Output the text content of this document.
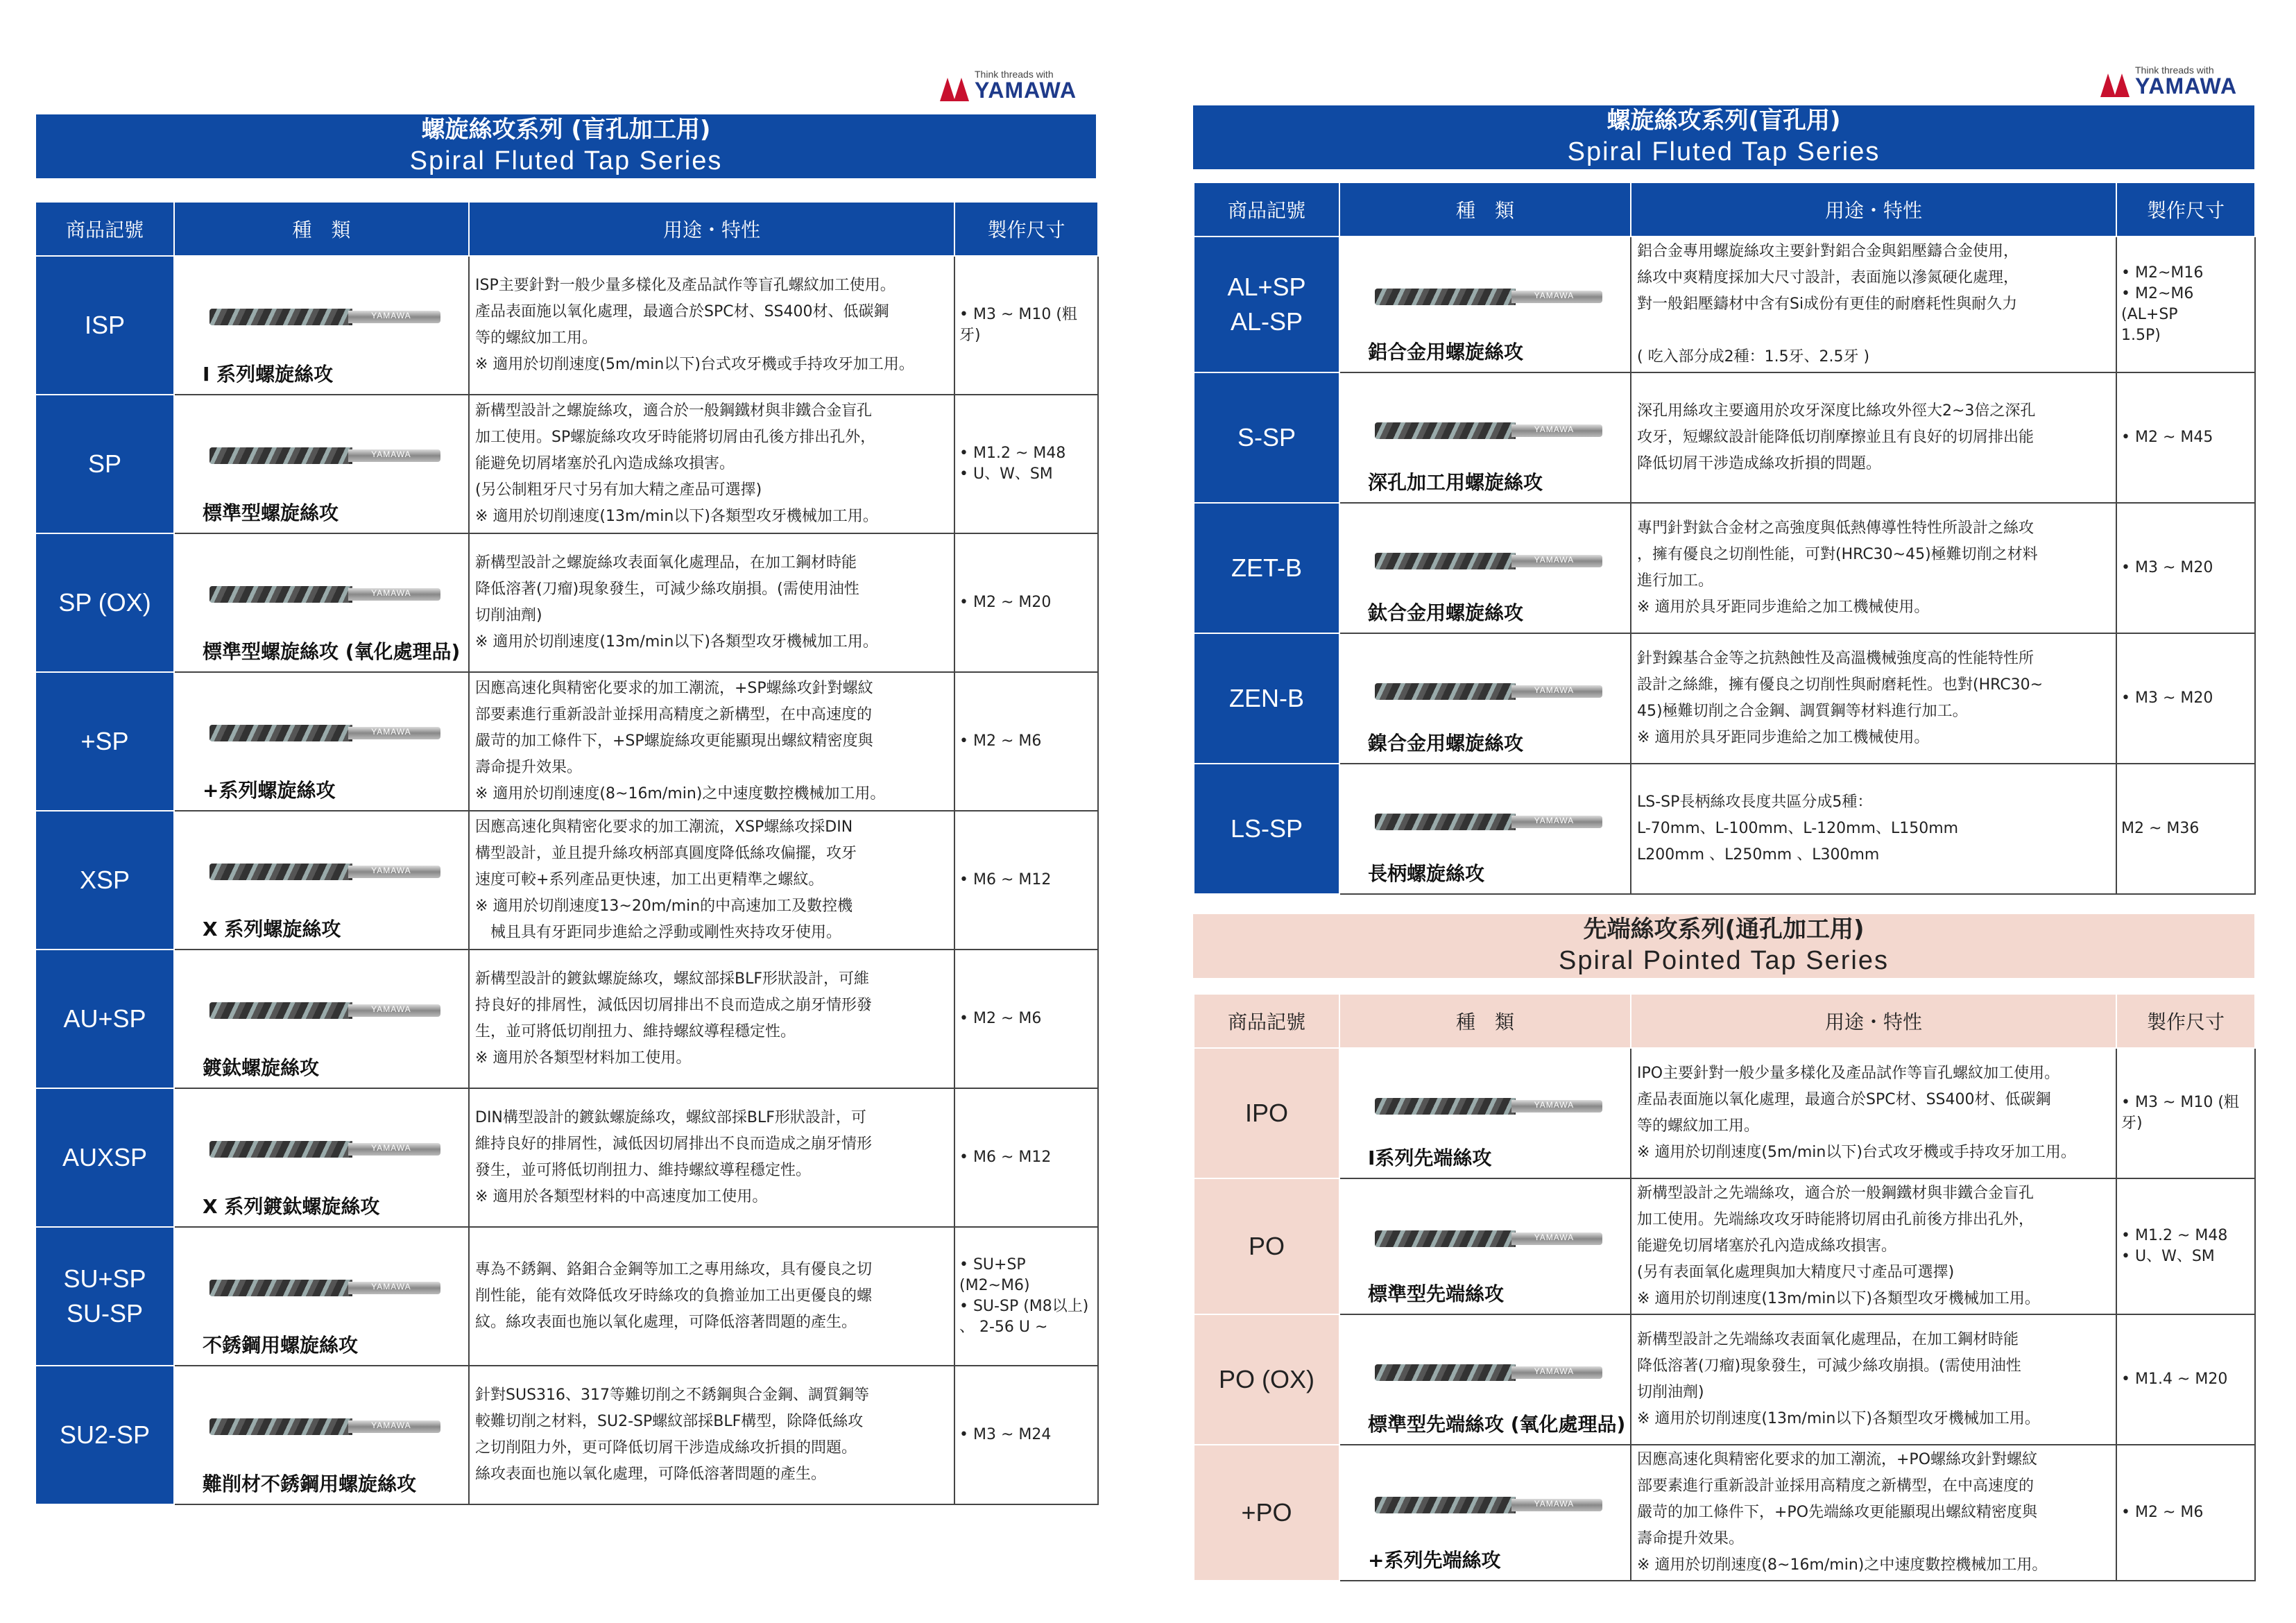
Think threads with
YAMAWA
螺旋絲攻系列 (盲孔加工用)
Spiral Fluted Tap Series
商品記號	種　類	用途・特性	製作尺寸
ISP	YAMAWA
I 系列螺旋絲攻	ISP主要針對一般少量多樣化及產品試作等盲孔螺紋加工使用。
產品表面施以氧化處理，最適合於SPC材、SS400材、低碳鋼
等的螺紋加工用。
※ 適用於切削速度(5m/min以下)台式攻牙機或手持攻牙加工用。	• M3 ~ M10 (粗牙)
SP	YAMAWA
標準型螺旋絲攻	新構型設計之螺旋絲攻，適合於一般鋼鐵材與非鐵合金盲孔
加工使用。SP螺旋絲攻攻牙時能將切屑由孔後方排出孔外，
能避免切屑堵塞於孔內造成絲攻損害。
(另公制粗牙尺寸另有加大精之產品可選擇)
※ 適用於切削速度(13m/min以下)各類型攻牙機械加工用。	• M1.2 ~ M48
• U、W、SM
SP (OX)	YAMAWA
標準型螺旋絲攻 (氧化處理品)	新構型設計之螺旋絲攻表面氧化處理品，在加工鋼材時能
降低溶著(刀瘤)現象發生，可減少絲攻崩損。(需使用油性
切削油劑)
※ 適用於切削速度(13m/min以下)各類型攻牙機械加工用。	• M2 ~ M20
+SP	YAMAWA
+系列螺旋絲攻	因應高速化與精密化要求的加工潮流，+SP螺絲攻針對螺紋
部要素進行重新設計並採用高精度之新構型，在中高速度的
嚴苛的加工條件下，+SP螺旋絲攻更能顯現出螺紋精密度與
壽命提升效果。
※ 適用於切削速度(8~16m/min)之中速度數控機械加工用。	• M2 ~ M6
XSP	YAMAWA
X 系列螺旋絲攻	因應高速化與精密化要求的加工潮流，XSP螺絲攻採DIN
構型設計，並且提升絲攻柄部真圓度降低絲攻偏擺，攻牙
速度可較+系列產品更快速，加工出更精準之螺紋。
※ 適用於切削速度13~20m/min的中高速加工及數控機
　械且具有牙距同步進給之浮動或剛性夾持攻牙使用。	• M6 ~ M12
AU+SP	YAMAWA
鍍鈦螺旋絲攻	新構型設計的鍍鈦螺旋絲攻，螺紋部採BLF形狀設計，可維
持良好的排屑性，減低因切屑排出不良而造成之崩牙情形發
生，並可將低切削扭力、維持螺紋導程穩定性。
※ 適用於各類型材料加工使用。	• M2 ~ M6
AUXSP	YAMAWA
X 系列鍍鈦螺旋絲攻	DIN構型設計的鍍鈦螺旋絲攻，螺紋部採BLF形狀設計，可
維持良好的排屑性，減低因切屑排出不良而造成之崩牙情形
發生，並可將低切削扭力、維持螺紋導程穩定性。
※ 適用於各類型材料的中高速度加工使用。	• M6 ~ M12
SU+SP
SU-SP	YAMAWA
不銹鋼用螺旋絲攻	專為不銹鋼、鉻鉬合金鋼等加工之專用絲攻，具有優良之切
削性能，能有效降低攻牙時絲攻的負擔並加工出更優良的螺
紋。絲攻表面也施以氧化處理，可降低溶著問題的產生。	• SU+SP (M2~M6)
• SU-SP (M8以上)
、 2-56 U ~
SU2-SP	YAMAWA
難削材不銹鋼用螺旋絲攻	針對SUS316、317等難切削之不銹鋼與合金鋼、調質鋼等
較難切削之材料，SU2-SP螺紋部採BLF構型，除降低絲攻
之切削阻力外，更可降低切屑干涉造成絲攻折損的問題。
絲攻表面也施以氧化處理，可降低溶著問題的產生。	• M3 ~ M24
Think threads with
YAMAWA
螺旋絲攻系列(盲孔用)
Spiral Fluted Tap Series
商品記號	種　類	用途・特性	製作尺寸
AL+SP
AL-SP	YAMAWA
鋁合金用螺旋絲攻	鋁合金專用螺旋絲攻主要針對鋁合金與鋁壓鑄合金使用，
絲攻中爽精度採加大尺寸設計，表面施以滲氮硬化處理，
對一般鋁壓鑄材中含有Si成份有更佳的耐磨耗性與耐久力

( 吃入部分成2種：1.5牙、2.5牙 )	• M2~M16
• M2~M6 (AL+SP
1.5P)
S-SP	YAMAWA
深孔加工用螺旋絲攻	深孔用絲攻主要適用於攻牙深度比絲攻外徑大2~3倍之深孔
攻牙，短螺紋設計能降低切削摩擦並且有良好的切屑排出能
降低切屑干涉造成絲攻折損的問題。	• M2 ~ M45
ZET-B	YAMAWA
鈦合金用螺旋絲攻	專門針對鈦合金材之高強度與低熱傳導性特性所設計之絲攻
，擁有優良之切削性能，可對(HRC30~45)極難切削之材料
進行加工。
※ 適用於具牙距同步進給之加工機械使用。	• M3 ~ M20
ZEN-B	YAMAWA
鎳合金用螺旋絲攻	針對鎳基合金等之抗熱蝕性及高溫機械強度高的性能特性所
設計之絲維，擁有優良之切削性與耐磨耗性。也對(HRC30~
45)極難切削之合金鋼、調質鋼等材料進行加工。
※ 適用於具牙距同步進給之加工機械使用。	• M3 ~ M20
LS-SP	YAMAWA
長柄螺旋絲攻	LS-SP長柄絲攻長度共區分成5種：
L-70mm、L-100mm、L-120mm、L150mm
L200mm 、L250mm 、L300mm	M2 ~ M36
先端絲攻系列(通孔加工用)
Spiral Pointed Tap Series
商品記號	種　類	用途・特性	製作尺寸
IPO	YAMAWA
I系列先端絲攻	IPO主要針對一般少量多樣化及產品試作等盲孔螺紋加工使用。
產品表面施以氧化處理，最適合於SPC材、SS400材、低碳鋼
等的螺紋加工用。
※ 適用於切削速度(5m/min以下)台式攻牙機或手持攻牙加工用。	• M3 ~ M10 (粗牙)
PO	YAMAWA
標準型先端絲攻	新構型設計之先端絲攻，適合於一般鋼鐵材與非鐵合金盲孔
加工使用。先端絲攻攻牙時能將切屑由孔前後方排出孔外，
能避免切屑堵塞於孔內造成絲攻損害。
(另有表面氧化處理與加大精度尺寸產品可選擇)
※ 適用於切削速度(13m/min以下)各類型攻牙機械加工用。	• M1.2 ~ M48
• U、W、SM
PO (OX)	YAMAWA
標準型先端絲攻 (氧化處理品)	新構型設計之先端絲攻表面氧化處理品，在加工鋼材時能
降低溶著(刀瘤)現象發生，可減少絲攻崩損。(需使用油性
切削油劑)
※ 適用於切削速度(13m/min以下)各類型攻牙機械加工用。	• M1.4 ~ M20
+PO	YAMAWA
+系列先端絲攻	因應高速化與精密化要求的加工潮流，+PO螺絲攻針對螺紋
部要素進行重新設計並採用高精度之新構型，在中高速度的
嚴苛的加工條件下，+PO先端絲攻更能顯現出螺紋精密度與
壽命提升效果。
※ 適用於切削速度(8~16m/min)之中速度數控機械加工用。	• M2 ~ M6
